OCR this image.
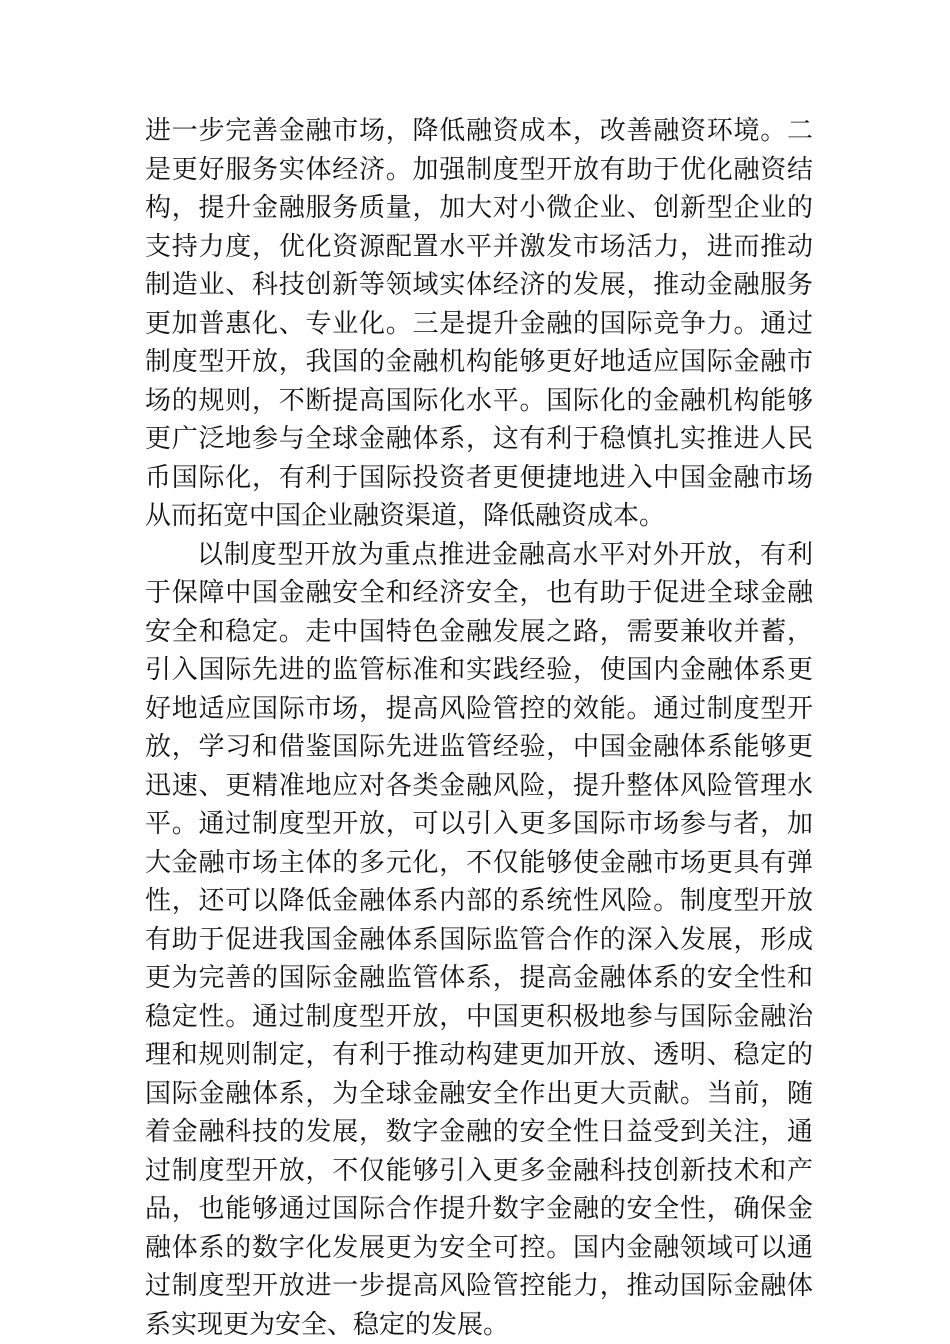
进一步完善金融市场，降低融资成本，改善融资环境。二
是更好服务实体经济。加强制度型开放有助于优化融资结
构，提升金融服务质量，加大对小微企业、创新型企业的
支持力度，优化资源配置水平并激发市场活力，进而推动
制造业、科技创新等领域实体经济的发展，推动金融服务
更加普惠化、专业化。三是提升金融的国际竞争力。通过
制度型开放，我国的金融机构能够更好地适应国际金融市
场的规则，不断提高国际化水平。国际化的金融机构能够
更广泛地参与全球金融体系，这有利于稳慎扎实推进人民
币国际化，有利于国际投资者更便捷地进入中国金融市场
从而拓宽中国企业融资渠道，降低融资成本。
以制度型开放为重点推进金融高水平对外开放，有利
于保障中国金融安全和经济安全，也有助于促进全球金融
安全和稳定。走中国特色金融发展之路，需要兼收并蓄，
引入国际先进的监管标准和实践经验，使国内金融体系更
好地适应国际市场，提高风险管控的效能。通过制度型开
放，学习和借鉴国际先进监管经验，中国金融体系能够更
迅速、更精准地应对各类金融风险，提升整体风险管理水
平。通过制度型开放，可以引入更多国际市场参与者，加
大金融市场主体的多元化，不仅能够使金融市场更具有弹
性，还可以降低金融体系内部的系统性风险。制度型开放
有助于促进我国金融体系国际监管合作的深入发展，形成
更为完善的国际金融监管体系，提高金融体系的安全性和
稳定性。通过制度型开放，中国更积极地参与国际金融治
理和规则制定，有利于推动构建更加开放、透明、稳定的
国际金融体系，为全球金融安全作出更大贡献。当前，随
着金融科技的发展，数字金融的安全性日益受到关注，通
过制度型开放，不仅能够引入更多金融科技创新技术和产
品，也能够通过国际合作提升数字金融的安全性，确保金
融体系的数字化发展更为安全可控。国内金融领域可以通
过制度型开放进一步提高风险管控能力，推动国际金融体
系实现更为安全、稳定的发展。
